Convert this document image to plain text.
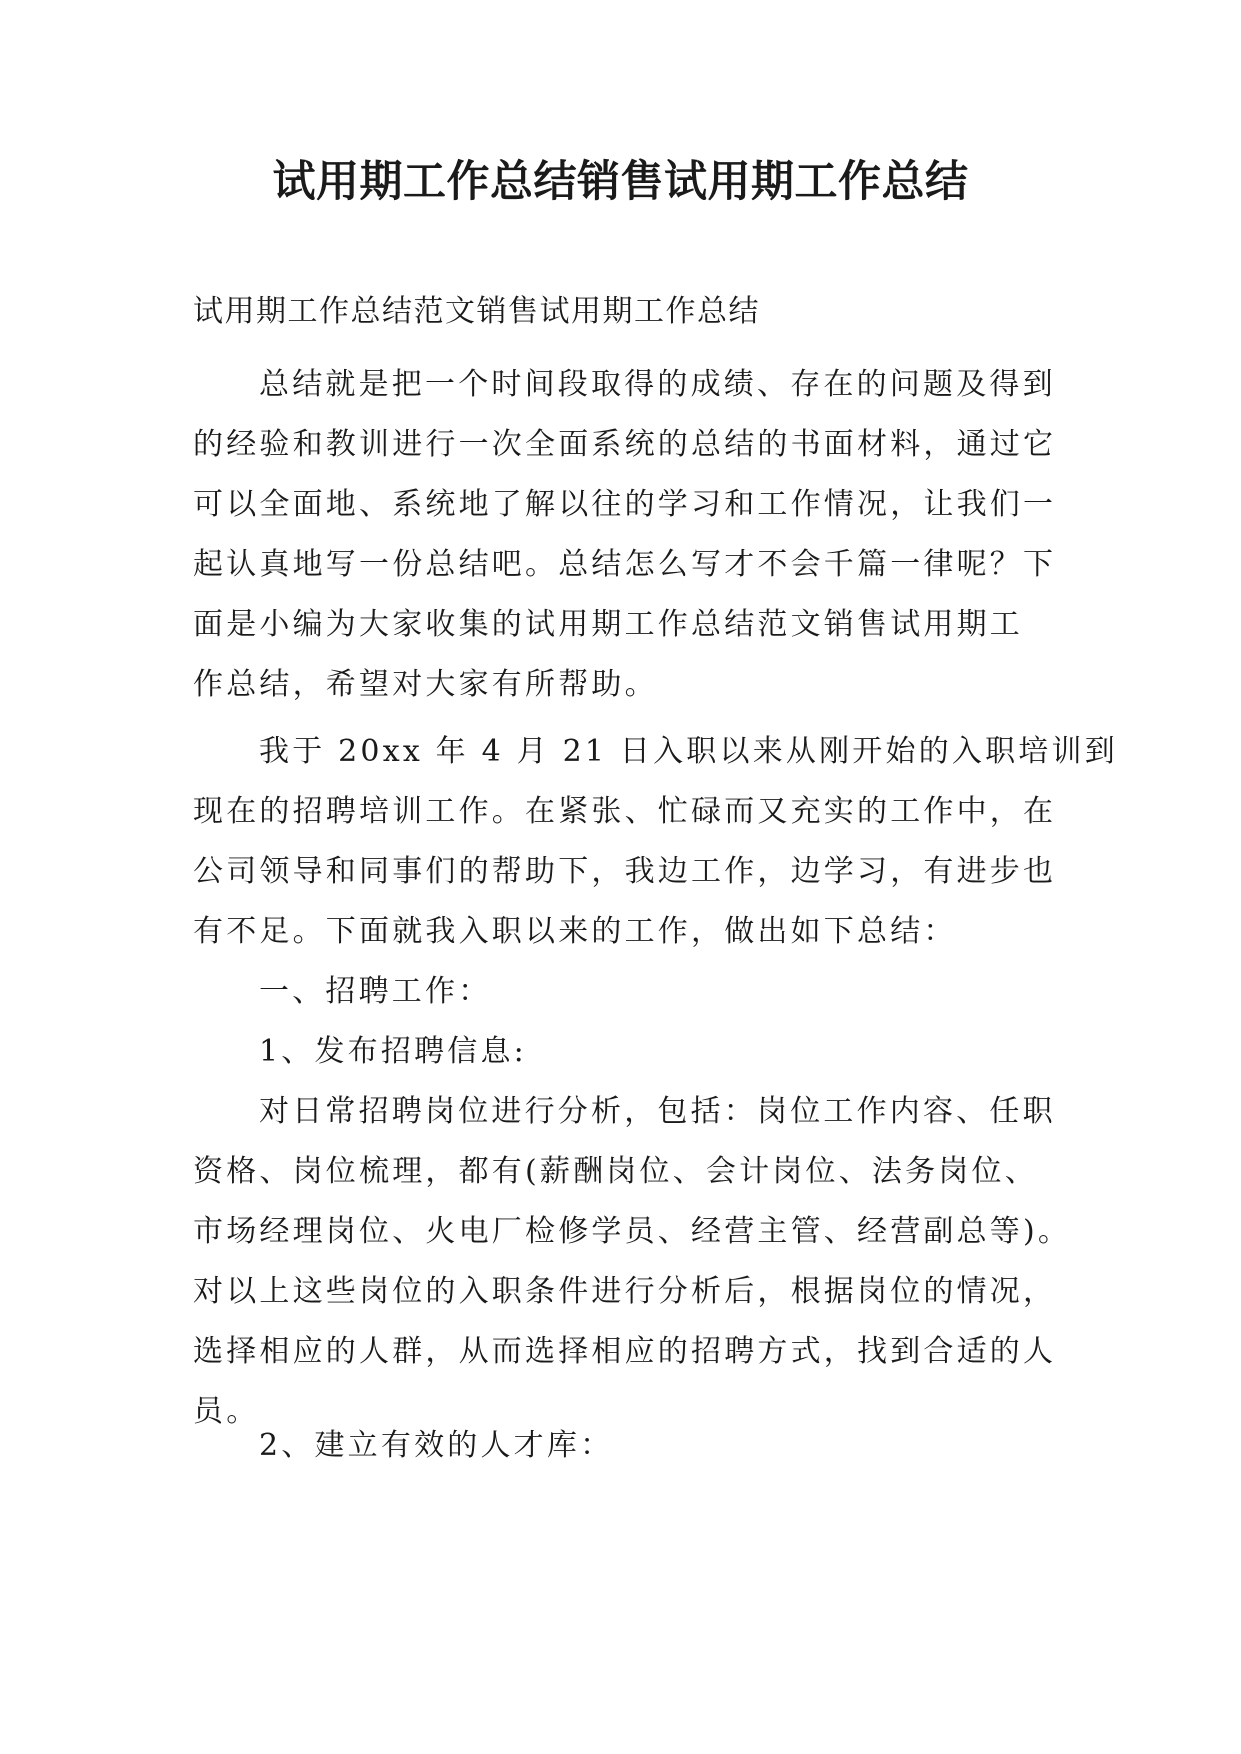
试用期工作总结销售试用期工作总结

试用期工作总结范文销售试用期工作总结

总结就是把一个时间段取得的成绩、存在的问题及得到
的经验和教训进行一次全面系统的总结的书面材料，通过它
可以全面地、系统地了解以往的学习和工作情况，让我们一
起认真地写一份总结吧。总结怎么写才不会千篇一律呢？下
面是小编为大家收集的试用期工作总结范文销售试用期工
作总结，希望对大家有所帮助。
我于 20xx 年 4 月 21 日入职以来从刚开始的入职培训到
现在的招聘培训工作。在紧张、忙碌而又充实的工作中，在
公司领导和同事们的帮助下，我边工作，边学习，有进步也
有不足。下面就我入职以来的工作，做出如下总结：
一、招聘工作：
1、发布招聘信息:
对日常招聘岗位进行分析，包括：岗位工作内容、任职
资格、岗位梳理，都有(薪酬岗位、会计岗位、法务岗位、
市场经理岗位、火电厂检修学员、经营主管、经营副总等)。
对以上这些岗位的入职条件进行分析后，根据岗位的情况，
选择相应的人群，从而选择相应的招聘方式，找到合适的人
员。
2、建立有效的人才库：
